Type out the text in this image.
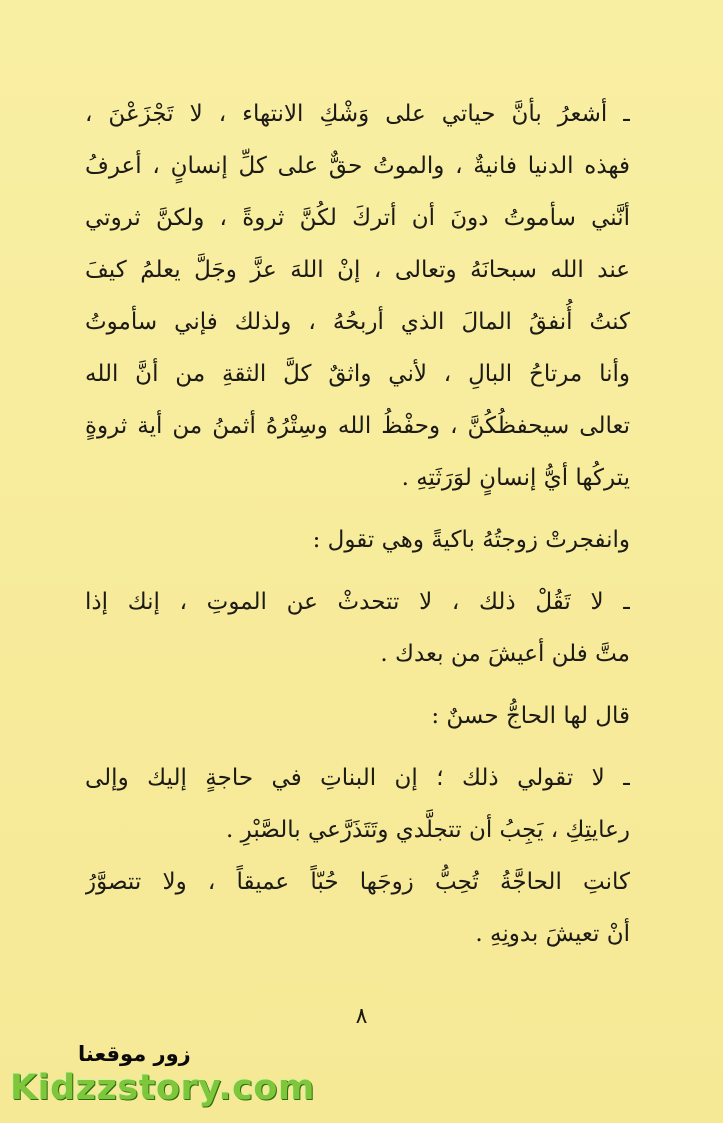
ـ أشعرُ بأنَّ حياتي على وَشْكِ الانتهاء ، لا تَجْزَعْنَ ،
فهذه الدنيا فانيةٌ ، والموتُ حقٌّ على كلِّ إنسانٍ ، أعرفُ
أنَّني سأموتُ دونَ أن أتركَ لكُنَّ ثروةً ، ولكنَّ ثروتي
عند الله سبحانَهُ وتعالى ، إنْ اللهَ عزَّ وجَلَّ يعلمُ كيفَ
كنتُ أُنفقُ المالَ الذي أربحُهُ ، ولذلك فإني سأموتُ
وأنا مرتاحُ البالِ ، لأني واثقٌ كلَّ الثقةِ من أنَّ الله
تعالى سيحفظُكُنَّ ، وحفْظُ الله وسِتْرُهُ أثمنُ من أية ثروةٍ
يتركُها أيُّ إنسانٍ لوَرَثَتِهِ .
وانفجرتْ زوجتُهُ باكيةً وهي تقول :
ـ لا تَقُلْ ذلك ، لا تتحدثْ عن الموتِ ، إنك إذا
متَّ فلن أعيشَ من بعدك .
قال لها الحاجُّ حسنٌ :
ـ لا تقولي ذلك ؛ إن البناتِ في حاجةٍ إليك وإلى
رعايتِكِ ، يَجِبُ أن تتجلَّدي وتَتَذَرَّعي بالصَّبْرِ .
كانتِ الحاجَّةُ تُحِبُّ زوجَها حُبّاً عميقاً ، ولا تتصوَّرُ
أنْ تعيشَ بدونِهِ .
٨
زور موقعنا
Kidzzstory.com
